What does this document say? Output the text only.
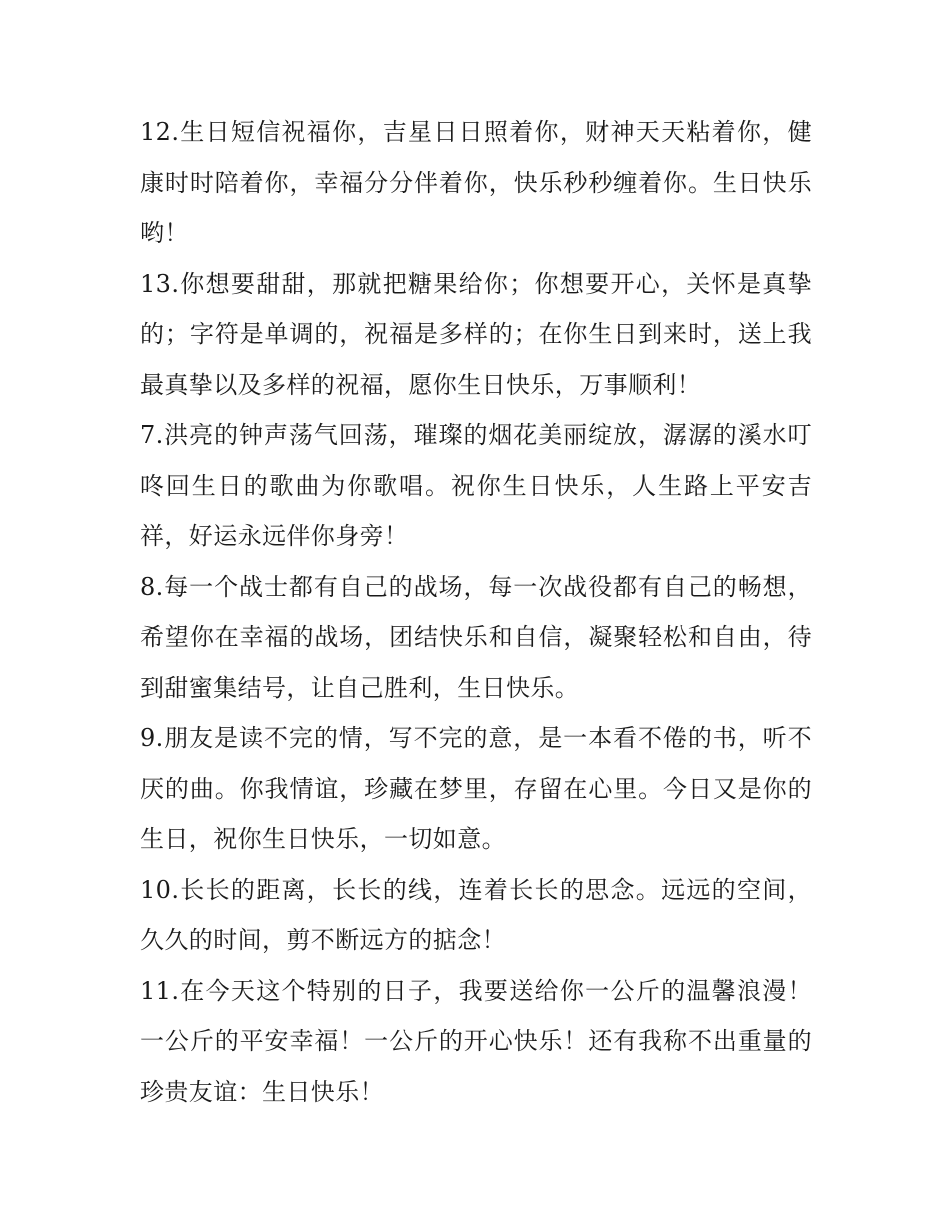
12.生日短信祝福你，吉星日日照着你，财神天天粘着你，健康时时陪着你，幸福分分伴着你，快乐秒秒缠着你。生日快乐哟！

13.你想要甜甜，那就把糖果给你；你想要开心，关怀是真挚的；字符是单调的，祝福是多样的；在你生日到来时，送上我最真挚以及多样的祝福，愿你生日快乐，万事顺利！

7.洪亮的钟声荡气回荡，璀璨的烟花美丽绽放，潺潺的溪水叮咚回生日的歌曲为你歌唱。祝你生日快乐，人生路上平安吉祥，好运永远伴你身旁！

8.每一个战士都有自己的战场，每一次战役都有自己的畅想，希望你在幸福的战场，团结快乐和自信，凝聚轻松和自由，待到甜蜜集结号，让自己胜利，生日快乐。

9.朋友是读不完的情，写不完的意，是一本看不倦的书，听不厌的曲。你我情谊，珍藏在梦里，存留在心里。今日又是你的生日，祝你生日快乐，一切如意。

10.长长的距离，长长的线，连着长长的思念。远远的空间，久久的时间，剪不断远方的掂念！

11.在今天这个特别的日子，我要送给你一公斤的温馨浪漫！一公斤的平安幸福！一公斤的开心快乐！还有我称不出重量的珍贵友谊：生日快乐！
